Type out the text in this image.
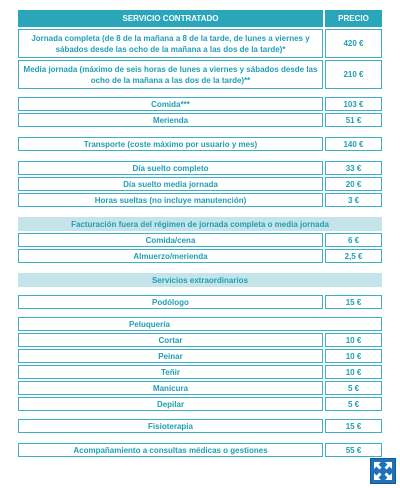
SERVICIO CONTRATADO	PRECIO
Jornada completa (de 8 de la mañana a 8 de la tarde, de lunes a viernes y sábados desde las ocho de la mañana a las dos de la tarde)*
420 €
Media jornada (máximo de seis horas de lunes a viernes y sábados desde las ocho de la mañana a las dos de la tarde)**
210 €
Comida***	103 €
Merienda	51 €
Transporte (coste máximo por usuario y mes)	140 €
Día suelto completo	33 €
Día suelto media jornada	20 €
Horas sueltas (no incluye manutención)	3 €
Facturación fuera del régimen de jornada completa o media jornada
Comida/cena	6 €
Almuerzo/merienda	2,5 €
Servicios extraordinarios
Podólogo	15 €
Peluquería
Cortar	10 €
Peinar	10 €
Teñir	10 €
Manicura	5 €
Depilar	5 €
Fisioterapia	15 €
Acompañamiento a consultas médicas o gestiones	55 €
